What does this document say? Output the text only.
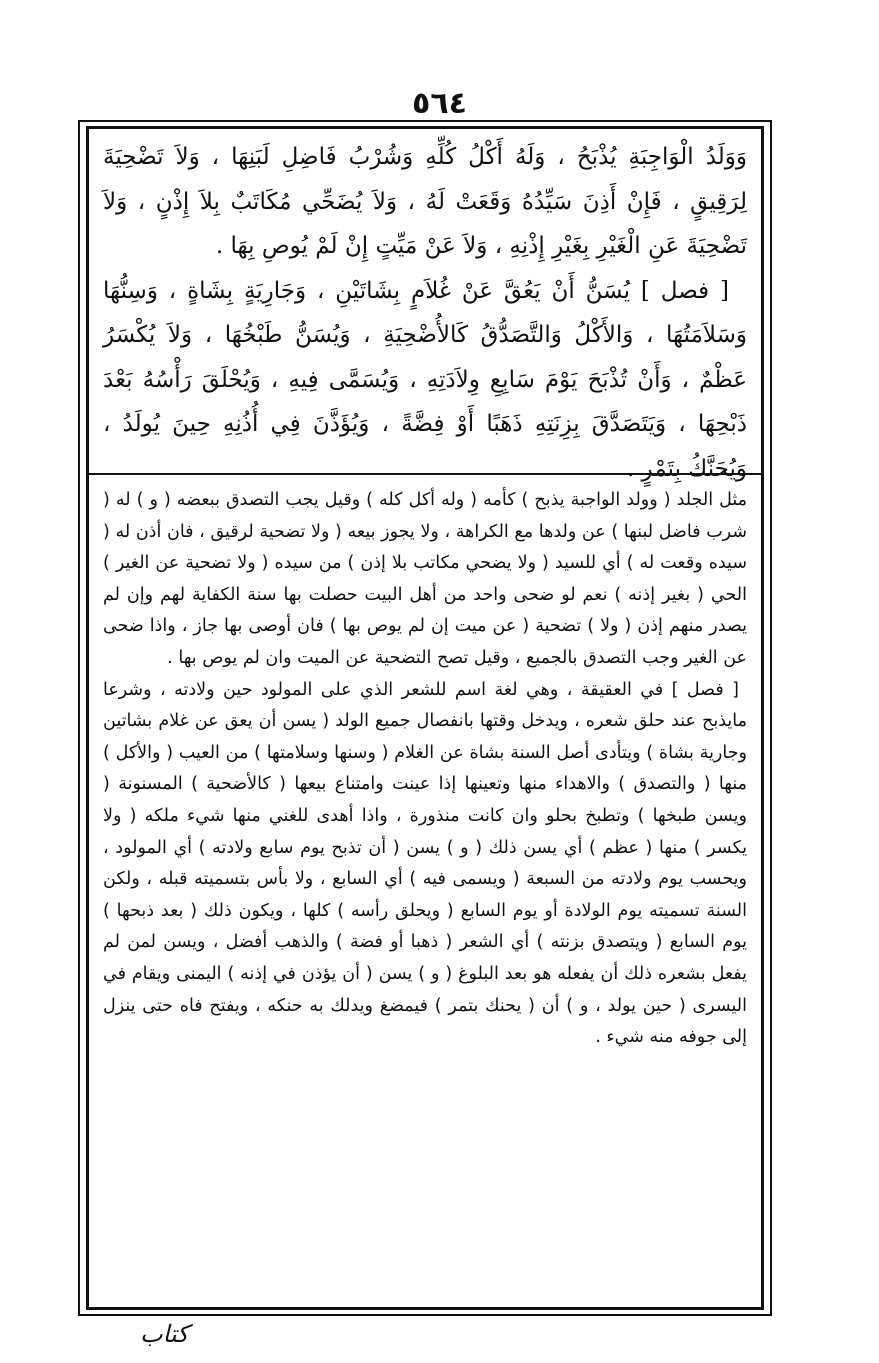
٥٦٤

وَوَلَدُ الْوَاجِبَةِ يُذْبَحُ ، وَلَهُ أَكْلُ كُلِّهِ وَشُرْبُ فَاضِلِ لَبَنِهَا ، وَلاَ تَضْحِيَةَ لِرَقِيقٍ ، فَإِنْ أَذِنَ سَيِّدُهُ وَقَعَتْ لَهُ ، وَلاَ يُضَحِّي مُكَاتَبٌ بِلاَ إِذْنٍ ، وَلاَ تَضْحِيَةَ عَنِ الْغَيْرِ بِغَيْرِ إِذْنِهِ ، وَلاَ عَنْ مَيِّتٍ إِنْ لَمْ يُوصِ بِهَا .

[ فصل ] يُسَنُّ أَنْ يَعُقَّ عَنْ غُلاَمٍ بِشَاتَيْنِ ، وَجَارِيَةٍ بِشَاةٍ ، وَسِنُّهَا وَسَلاَمَتُهَا ، وَالأَكْلُ وَالتَّصَدُّقُ كَالأُضْحِيَةِ ، وَيُسَنُّ طَبْخُهَا ، وَلاَ يُكْسَرُ عَظْمٌ ، وَأَنْ تُذْبَحَ يَوْمَ سَابِعِ وِلاَدَتِهِ ، وَيُسَمَّى فِيهِ ، وَيُحْلَقَ رَأْسُهُ بَعْدَ ذَبْحِهَا ، وَيَتَصَدَّقَ بِزِنَتِهِ ذَهَبًا أَوْ فِضَّةً ، وَيُؤَذَّنَ فِي أُذُنِهِ حِينَ يُولَدُ ، وَيُحَنَّكُ بِتَمْرٍ .

مثل الجلد ( وولد الواجبة يذبح ) كأمه ( وله أكل كله ) وقيل يجب التصدق ببعضه ( و ) له ( شرب فاضل لبنها ) عن ولدها مع الكراهة ، ولا يجوز بيعه ( ولا تضحية لرقيق ، فان أذن له ( سيده وقعت له ) أي للسيد ( ولا يضحي مكاتب بلا إذن ) من سيده ( ولا تضحية عن الغير ) الحي ( بغير إذنه ) نعم لو ضحى واحد من أهل البيت حصلت بها سنة الكفاية لهم وإن لم يصدر منهم إذن ( ولا ) تضحية ( عن ميت إن لم يوص بها ) فان أوصى بها جاز ، واذا ضحى عن الغير وجب التصدق بالجميع ، وقيل تصح التضحية عن الميت وان لم يوص بها .

[ فصل ] في العقيقة ، وهي لغة اسم للشعر الذي على المولود حين ولادته ، وشرعا مايذبح عند حلق شعره ، ويدخل وقتها بانفصال جميع الولد ( يسن أن يعق عن غلام بشاتين وجارية بشاة ) ويتأدى أصل السنة بشاة عن الغلام ( وسنها وسلامتها ) من العيب ( والأكل ) منها ( والتصدق ) والاهداء منها وتعينها إذا عينت وامتناع بيعها ( كالأضحية ) المسنونة ( ويسن طبخها ) وتطبخ بحلو وان كانت منذورة ، واذا أهدى للغني منها شيء ملكه ( ولا يكسر ) منها ( عظم ) أي يسن ذلك ( و ) يسن ( أن تذبح يوم سابع ولادته ) أي المولود ، ويحسب يوم ولادته من السبعة ( ويسمى فيه ) أي السابع ، ولا بأس بتسميته قبله ، ولكن السنة تسميته يوم الولادة أو يوم السابع ( ويحلق رأسه ) كلها ، ويكون ذلك ( بعد ذبحها ) يوم السابع ( ويتصدق بزنته ) أي الشعر ( ذهبا أو فضة ) والذهب أفضل ، ويسن لمن لم يفعل بشعره ذلك أن يفعله هو بعد البلوغ ( و ) يسن ( أن يؤذن في إذنه ) اليمنى ويقام في اليسرى ( حين يولد ، و ) أن ( يحنك بتمر ) فيمضغ ويدلك به حنكه ، ويفتح فاه حتى ينزل إلى جوفه منه شيء .

كتاب
